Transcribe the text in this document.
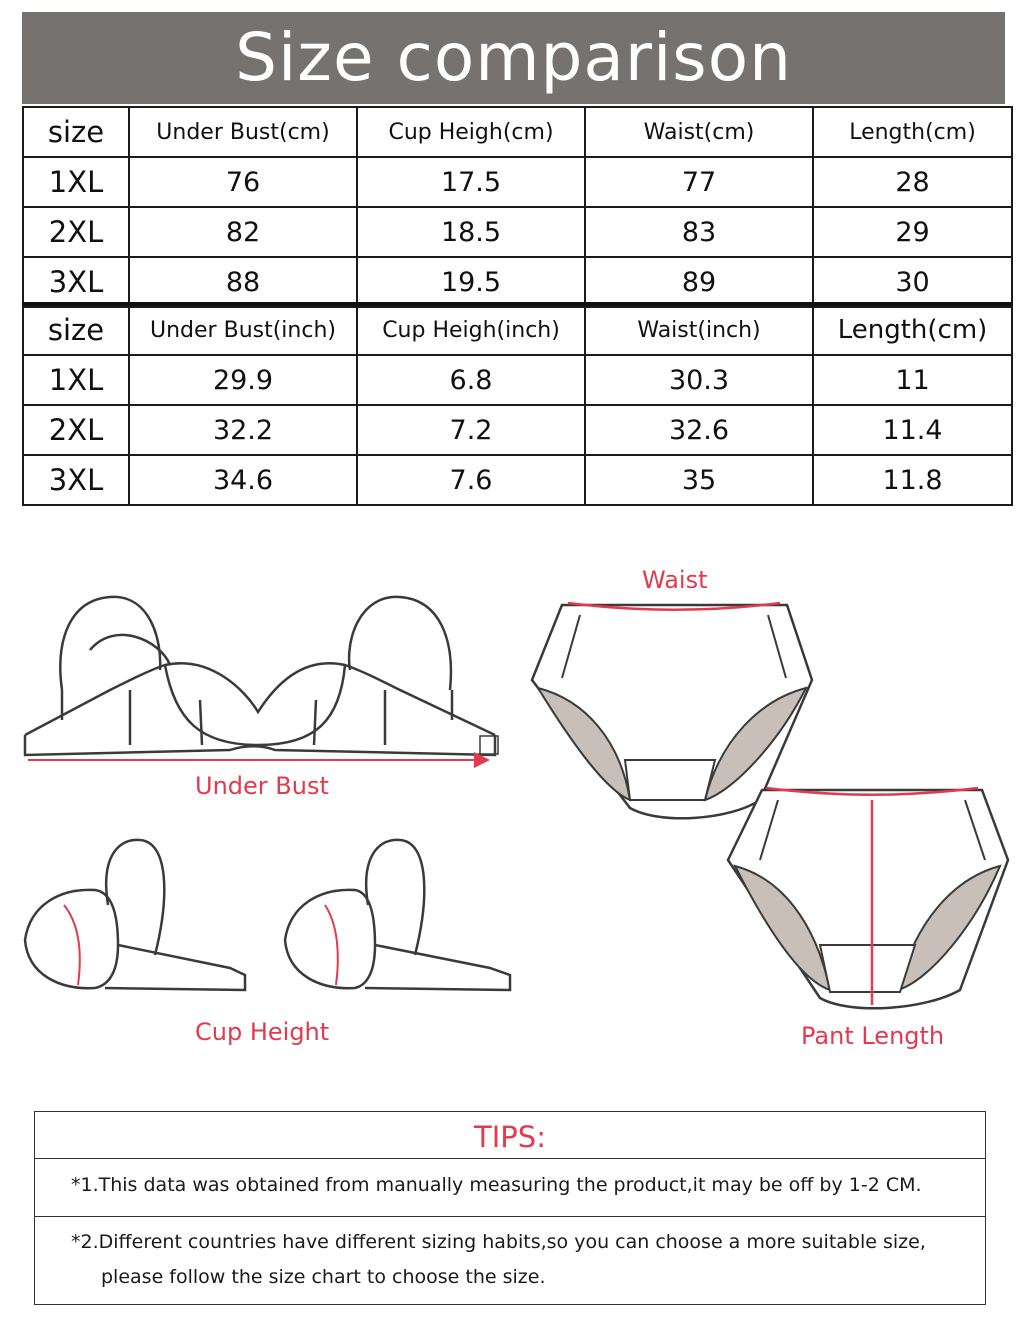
Size comparison
size	Under Bust(cm)	Cup Heigh(cm)	Waist(cm)	Length(cm)
1XL	76	17.5	77	28
2XL	82	18.5	83	29
3XL	88	19.5	89	30
size	Under Bust(inch)	Cup Heigh(inch)	Waist(inch)	Length(cm)
1XL	29.9	6.8	30.3	11
2XL	32.2	7.2	32.6	11.4
3XL	34.6	7.6	35	11.8
Under Bust
Cup Height
Waist
Pant Length
TIPS:
*1.This data was obtained from manually measuring the product,it may be off by 1-2 CM.
*2.Different countries have different sizing habits,so you can choose a more suitable size,
please follow the size chart to choose the size.
